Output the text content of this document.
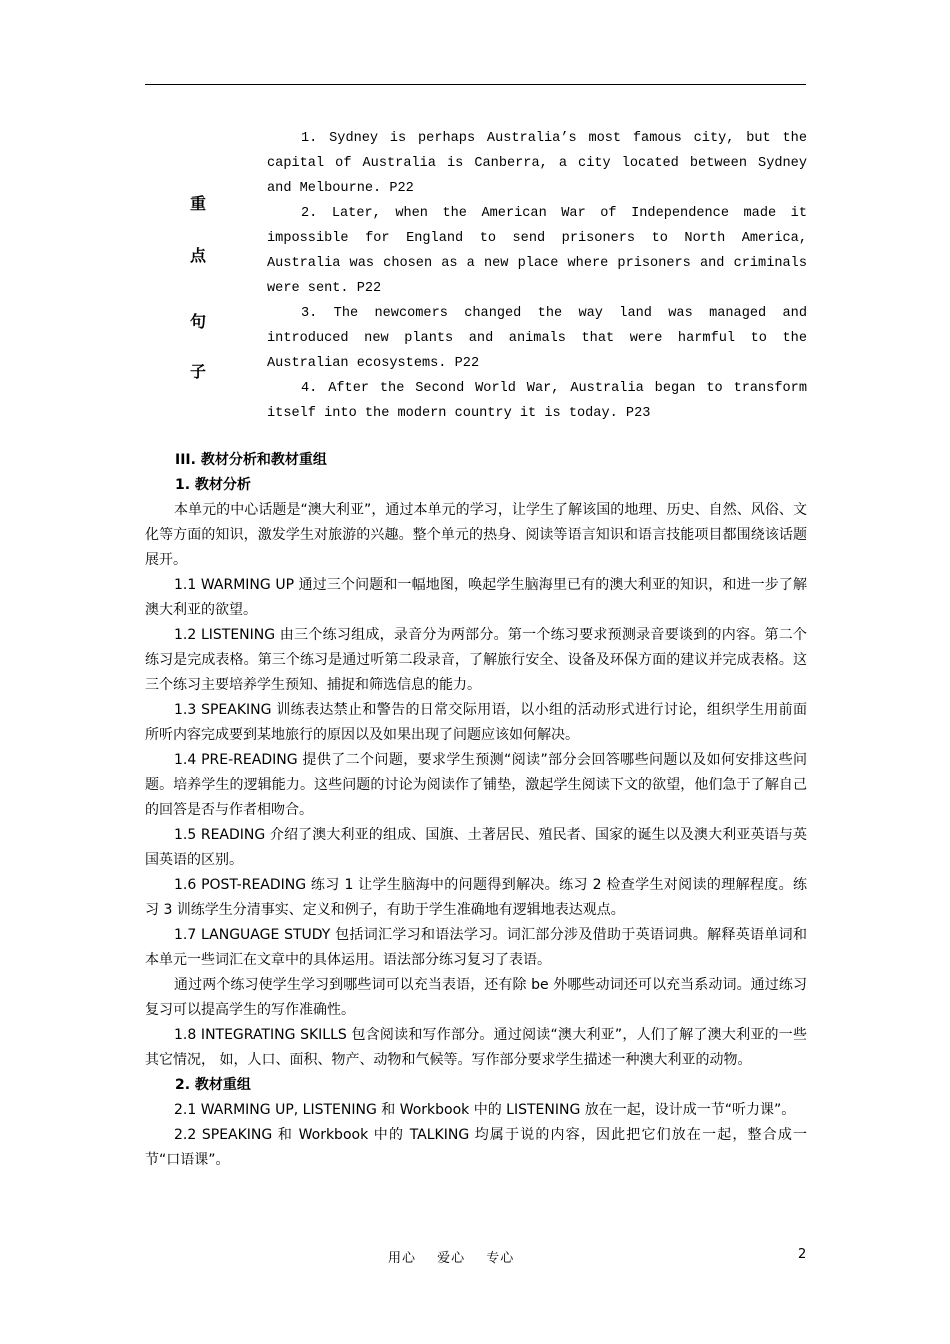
重
点
句
子

1. Sydney is perhaps Australia’s most famous city, but the capital of Australia is Canberra, a city located between Sydney and Melbourne. P22

2. Later, when the American War of Independence made it impossible for England to send prisoners to North America, Australia was chosen as a new place where prisoners and criminals were sent. P22

3. The newcomers changed the way land was managed and introduced new plants and animals that were harmful to the Australian ecosystems. P22

4. After the Second World War, Australia began to transform itself into the modern country it is today. P23

III. 教材分析和教材重组

1. 教材分析

本单元的中心话题是“澳大利亚”，通过本单元的学习，让学生了解该国的地理、历史、自然、风俗、文化等方面的知识，激发学生对旅游的兴趣。整个单元的热身、阅读等语言知识和语言技能项目都围绕该话题展开。

1.1 WARMING UP 通过三个问题和一幅地图，唤起学生脑海里已有的澳大利亚的知识，和进一步了解澳大利亚的欲望。

1.2 LISTENING 由三个练习组成，录音分为两部分。第一个练习要求预测录音要谈到的内容。第二个练习是完成表格。第三个练习是通过听第二段录音，了解旅行安全、设备及环保方面的建议并完成表格。这三个练习主要培养学生预知、捕捉和筛选信息的能力。

1.3 SPEAKING 训练表达禁止和警告的日常交际用语，以小组的活动形式进行讨论，组织学生用前面所听内容完成要到某地旅行的原因以及如果出现了问题应该如何解决。

1.4 PRE-READING 提供了二个问题，要求学生预测“阅读”部分会回答哪些问题以及如何安排这些问题。培养学生的逻辑能力。这些问题的讨论为阅读作了铺垫，激起学生阅读下文的欲望，他们急于了解自己的回答是否与作者相吻合。

1.5 READING 介绍了澳大利亚的组成、国旗、土著居民、殖民者、国家的诞生以及澳大利亚英语与英国英语的区别。

1.6 POST-READING 练习 1 让学生脑海中的问题得到解决。练习 2 检查学生对阅读的理解程度。练习 3 训练学生分清事实、定义和例子，有助于学生准确地有逻辑地表达观点。

1.7 LANGUAGE STUDY 包括词汇学习和语法学习。词汇部分涉及借助于英语词典。解释英语单词和本单元一些词汇在文章中的具体运用。语法部分练习复习了表语。

通过两个练习使学生学习到哪些词可以充当表语，还有除 be 外哪些动词还可以充当系动词。通过练习复习可以提高学生的写作准确性。

1.8 INTEGRATING SKILLS 包含阅读和写作部分。通过阅读“澳大利亚”，人们了解了澳大利亚的一些其它情况， 如，人口、面积、物产、动物和气候等。写作部分要求学生描述一种澳大利亚的动物。

2. 教材重组

2.1 WARMING UP, LISTENING 和 Workbook 中的 LISTENING 放在一起，设计成一节“听力课”。

2.2 SPEAKING 和 Workbook 中的 TALKING 均属于说的内容，因此把它们放在一起，整合成一节“口语课”。

用心 爱心 专心	2
